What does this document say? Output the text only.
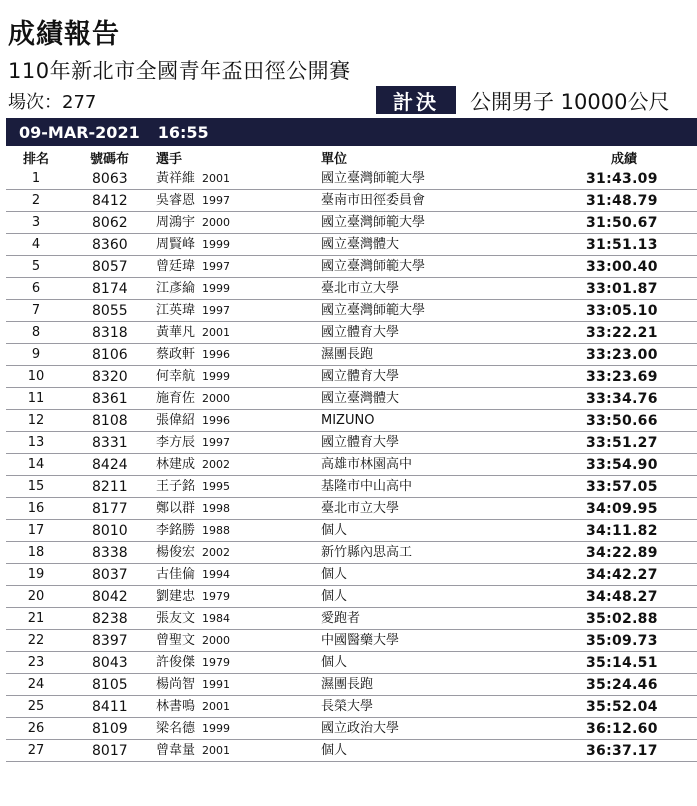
成績報告
110年新北市全國青年盃田徑公開賽
場次：277	計決	公開男子 10000公尺
09-MAR-2021 16:55
排名	號碼布 選手	單位	成績
1	8063 黃祥維 2001	國立臺灣師範大學	31:43.09
2	8412 吳睿恩 1997	臺南市田徑委員會	31:48.79
3	8062 周鴻宇 2000	國立臺灣師範大學	31:50.67
4	8360 周賢峰 1999	國立臺灣體大	31:51.13
5	8057 曾廷瑋 1997	國立臺灣師範大學	33:00.40
6	8174 江彥綸 1999	臺北市立大學	33:01.87
7	8055 江英瑋 1997	國立臺灣師範大學	33:05.10
8	8318 黃華凡 2001	國立體育大學	33:22.21
9	8106 蔡政軒 1996	濕團長跑	33:23.00
10	8320 何幸航 1999	國立體育大學	33:23.69
11	8361 施育佐 2000	國立臺灣體大	33:34.76
12	8108 張偉紹 1996	MIZUNO	33:50.66
13	8331 李方辰 1997	國立體育大學	33:51.27
14	8424 林建成 2002	高雄市林園高中	33:54.90
15	8211 王子銘 1995	基隆市中山高中	33:57.05
16	8177 鄭以群 1998	臺北市立大學	34:09.95
17	8010 李銘勝 1988	個人	34:11.82
18	8338 楊俊宏 2002	新竹縣內思高工	34:22.89
19	8037 古佳倫 1994	個人	34:42.27
20	8042 劉建忠 1979	個人	34:48.27
21	8238 張友文 1984	愛跑者	35:02.88
22	8397 曾聖文 2000	中國醫藥大學	35:09.73
23	8043 許俊傑 1979	個人	35:14.51
24	8105 楊尚智 1991	濕團長跑	35:24.46
25	8411 林書鳴 2001	長榮大學	35:52.04
26	8109 梁名德 1999	國立政治大學	36:12.60
27	8017 曾韋量 2001	個人	36:37.17
